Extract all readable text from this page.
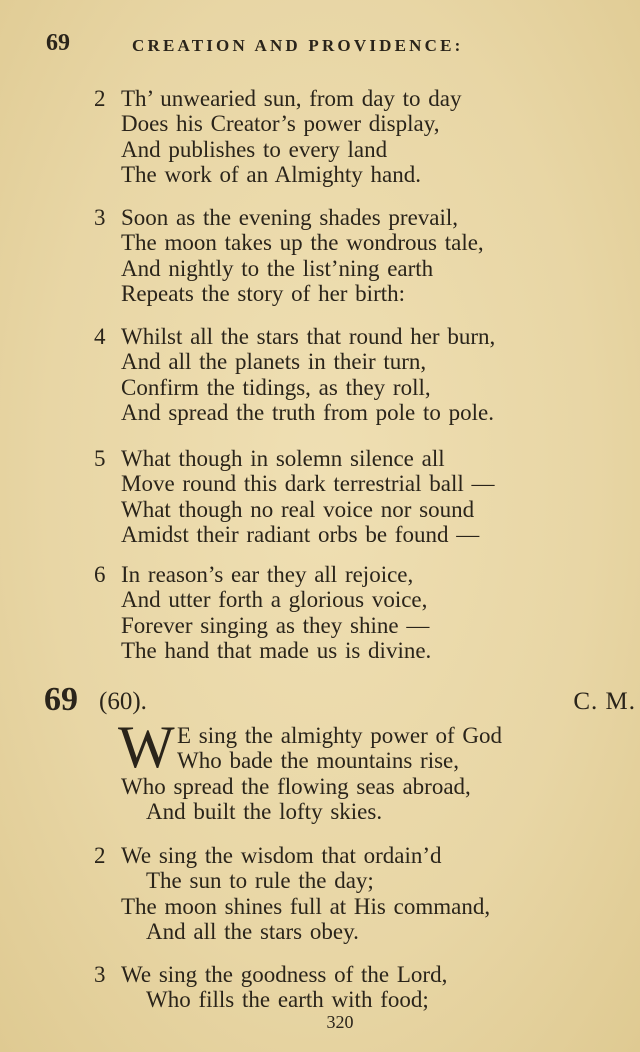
69	CREATION AND PROVIDENCE:
2 Th’ unwearied sun, from day to day
Does his Creator’s power display,
And publishes to every land
The work of an Almighty hand.
3 Soon as the evening shades prevail,
The moon takes up the wondrous tale,
And nightly to the list’ning earth
Repeats the story of her birth:
4 Whilst all the stars that round her burn,
And all the planets in their turn,
Confirm the tidings, as they roll,
And spread the truth from pole to pole.
5 What though in solemn silence all
Move round this dark terrestrial ball —
What though no real voice nor sound
Amidst their radiant orbs be found —
6 In reason’s ear they all rejoice,
And utter forth a glorious voice,
Forever singing as they shine —
The hand that made us is divine.
69 (60).	C. M.
W E sing the almighty power of God
Who bade the mountains rise,
Who spread the flowing seas abroad,
And built the lofty skies.
2 We sing the wisdom that ordain’d
The sun to rule the day;
The moon shines full at His command,
And all the stars obey.
3 We sing the goodness of the Lord,
Who fills the earth with food;
320
